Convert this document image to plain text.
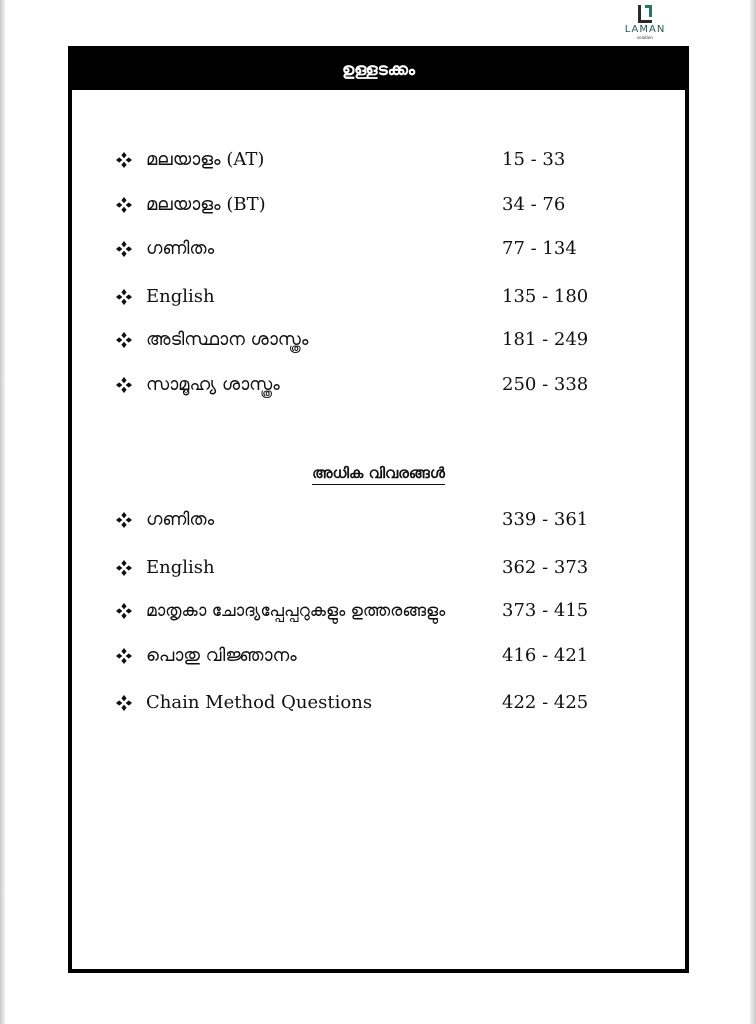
LAMAN
solution
ഉള്ളടക്കം
മലയാളം (AT)	15 - 33
മലയാളം (BT)	34 - 76
ഗണിതം	77 - 134
English	135 - 180
അടിസ്ഥാന ശാസ്ത്രം	181 - 249
സാമൂഹ്യ ശാസ്ത്രം	250 - 338
അധിക വിവരങ്ങൾ
ഗണിതം	339 - 361
English	362 - 373
മാതൃകാ ചോദ്യപ്പേപ്പറുകളും ഉത്തരങ്ങളും	373 - 415
പൊതു വിജ്ഞാനം	416 - 421
Chain Method Questions	422 - 425
